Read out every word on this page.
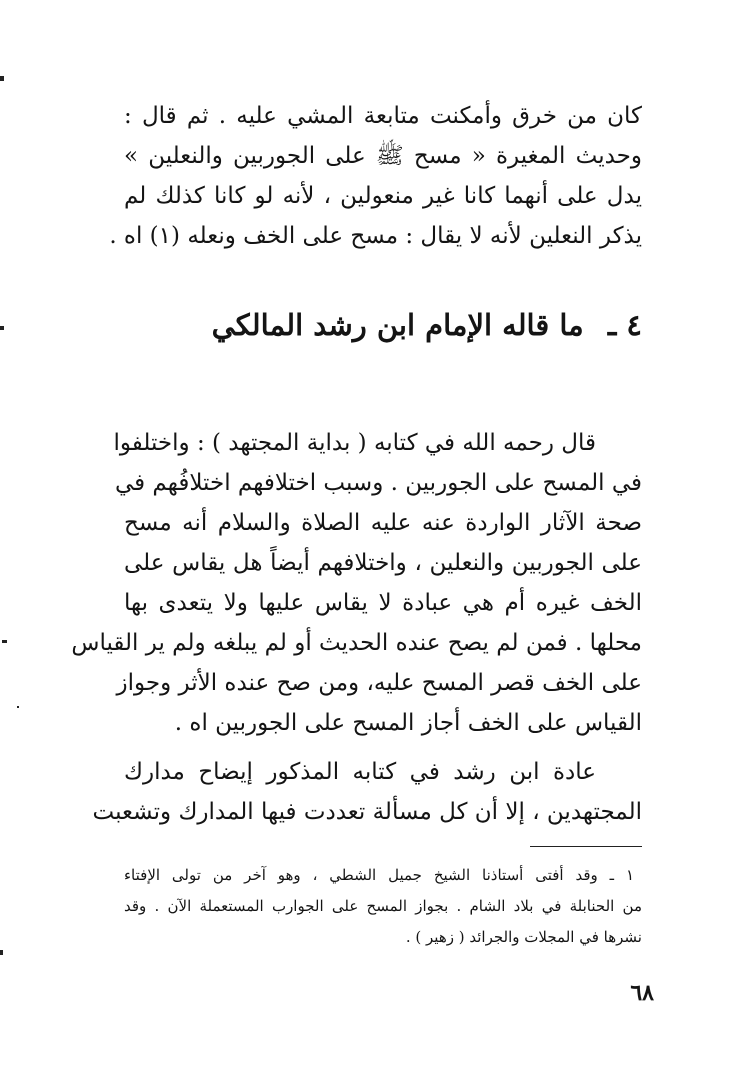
كان من خرق وأمكنت متابعة المشي عليه . ثم قال :
وحديث المغيرة « مسح ﷺ على الجوربين والنعلين »
يدل على أنهما كانا غير منعولين ، لأنه لو كانا كذلك لم
يذكر النعلين لأنه لا يقال : مسح على الخف ونعله (١) اه .
٤ ـ ما قاله الإمام ابن رشد المالكي
قال رحمه الله في كتابه ( بداية المجتهد ) : واختلفوا
في المسح على الجوربين . وسبب اختلافهم اختلافُهم في
صحة الآثار الواردة عنه عليه الصلاة والسلام أنه مسح
على الجوربين والنعلين ، واختلافهم أيضاً هل يقاس على
الخف غيره أم هي عبادة لا يقاس عليها ولا يتعدى بها
محلها . فمن لم يصح عنده الحديث أو لم يبلغه ولم ير القياس
على الخف قصر المسح عليه، ومن صح عنده الأثر وجواز
القياس على الخف أجاز المسح على الجوربين اه .
عادة ابن رشد في كتابه المذكور إيضاح مدارك
المجتهدين ، إلا أن كل مسألة تعددت فيها المدارك وتشعبت
١ ـ وقد أفتى أستاذنا الشيخ جميل الشطي ، وهو آخر من تولى الإفتاء
من الحنابلة في بلاد الشام . بجواز المسح على الجوارب المستعملة الآن . وقد
نشرها في المجلات والجرائد ( زهير ) .
٦٨
